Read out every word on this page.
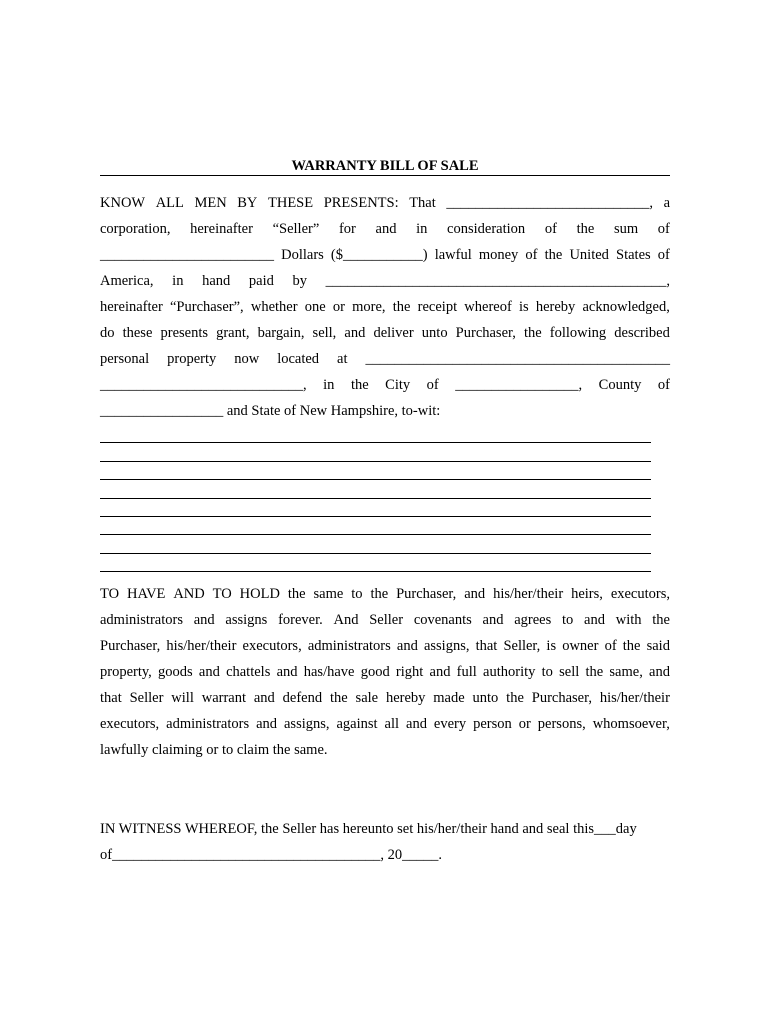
WARRANTY BILL OF SALE
KNOW ALL MEN BY THESE PRESENTS: That ____________________________, a
corporation, hereinafter “Seller” for and in consideration of the sum of
________________________ Dollars ($___________) lawful money of the United States of
America, in hand paid by _______________________________________________,
hereinafter “Purchaser”, whether one or more, the receipt whereof is hereby acknowledged,
do these presents grant, bargain, sell, and deliver unto Purchaser, the following described
personal property now located at __________________________________________
____________________________, in the City of _________________, County of
_________________ and State of New Hampshire, to-wit:
TO HAVE AND TO HOLD the same to the Purchaser, and his/her/their heirs, executors,
administrators and assigns forever. And Seller covenants and agrees to and with the
Purchaser, his/her/their executors, administrators and assigns, that Seller, is owner of the said
property, goods and chattels and has/have good right and full authority to sell the same, and
that Seller will warrant and defend the sale hereby made unto the Purchaser, his/her/their
executors, administrators and assigns, against all and every person or persons, whomsoever,
lawfully claiming or to claim the same.
IN WITNESS WHEREOF, the Seller has hereunto set his/her/their hand and seal this___day
of_____________________________________, 20_____.
